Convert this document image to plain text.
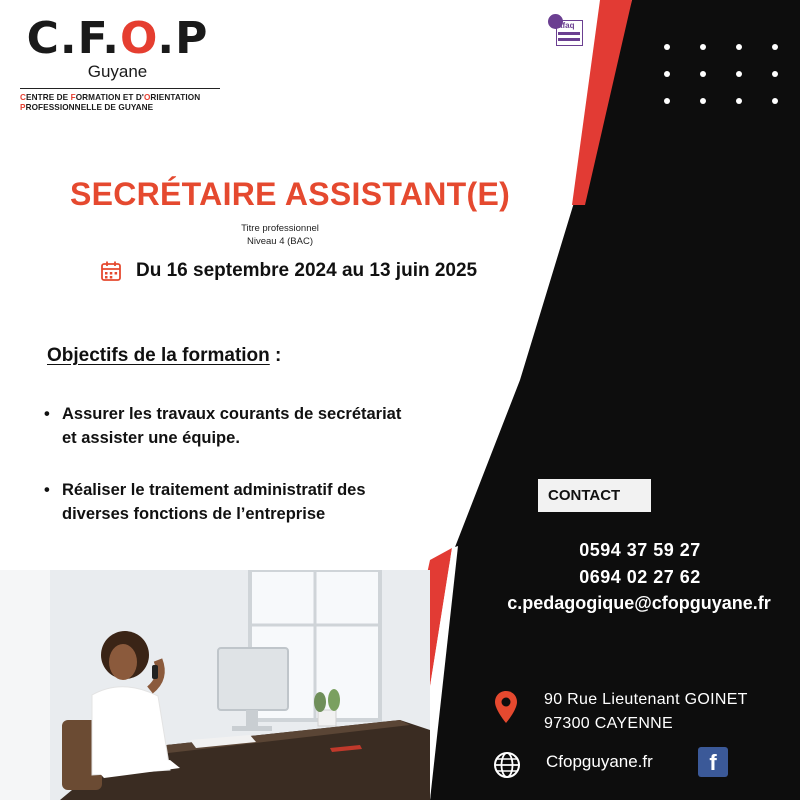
C.F.O.P
Guyane
CENTRE DE FORMATION ET D'ORIENTATION
PROFESSIONNELLE DE GUYANE
afaq
SECRÉTAIRE ASSISTANT(E)
Titre professionnel
Niveau 4 (BAC)
Du 16 septembre 2024 au 13 juin 2025
Objectifs de la formation :
• Assurer les travaux courants de secrétariat
et assister une équipe.
• Réaliser le traitement administratif des
diverses fonctions de l’entreprise
CONTACT
0594 37 59 27
0694 02 27 62
c.pedagogique@cfopguyane.fr
90 Rue Lieutenant GOINET
97300 CAYENNE
Cfopguyane.fr	f
